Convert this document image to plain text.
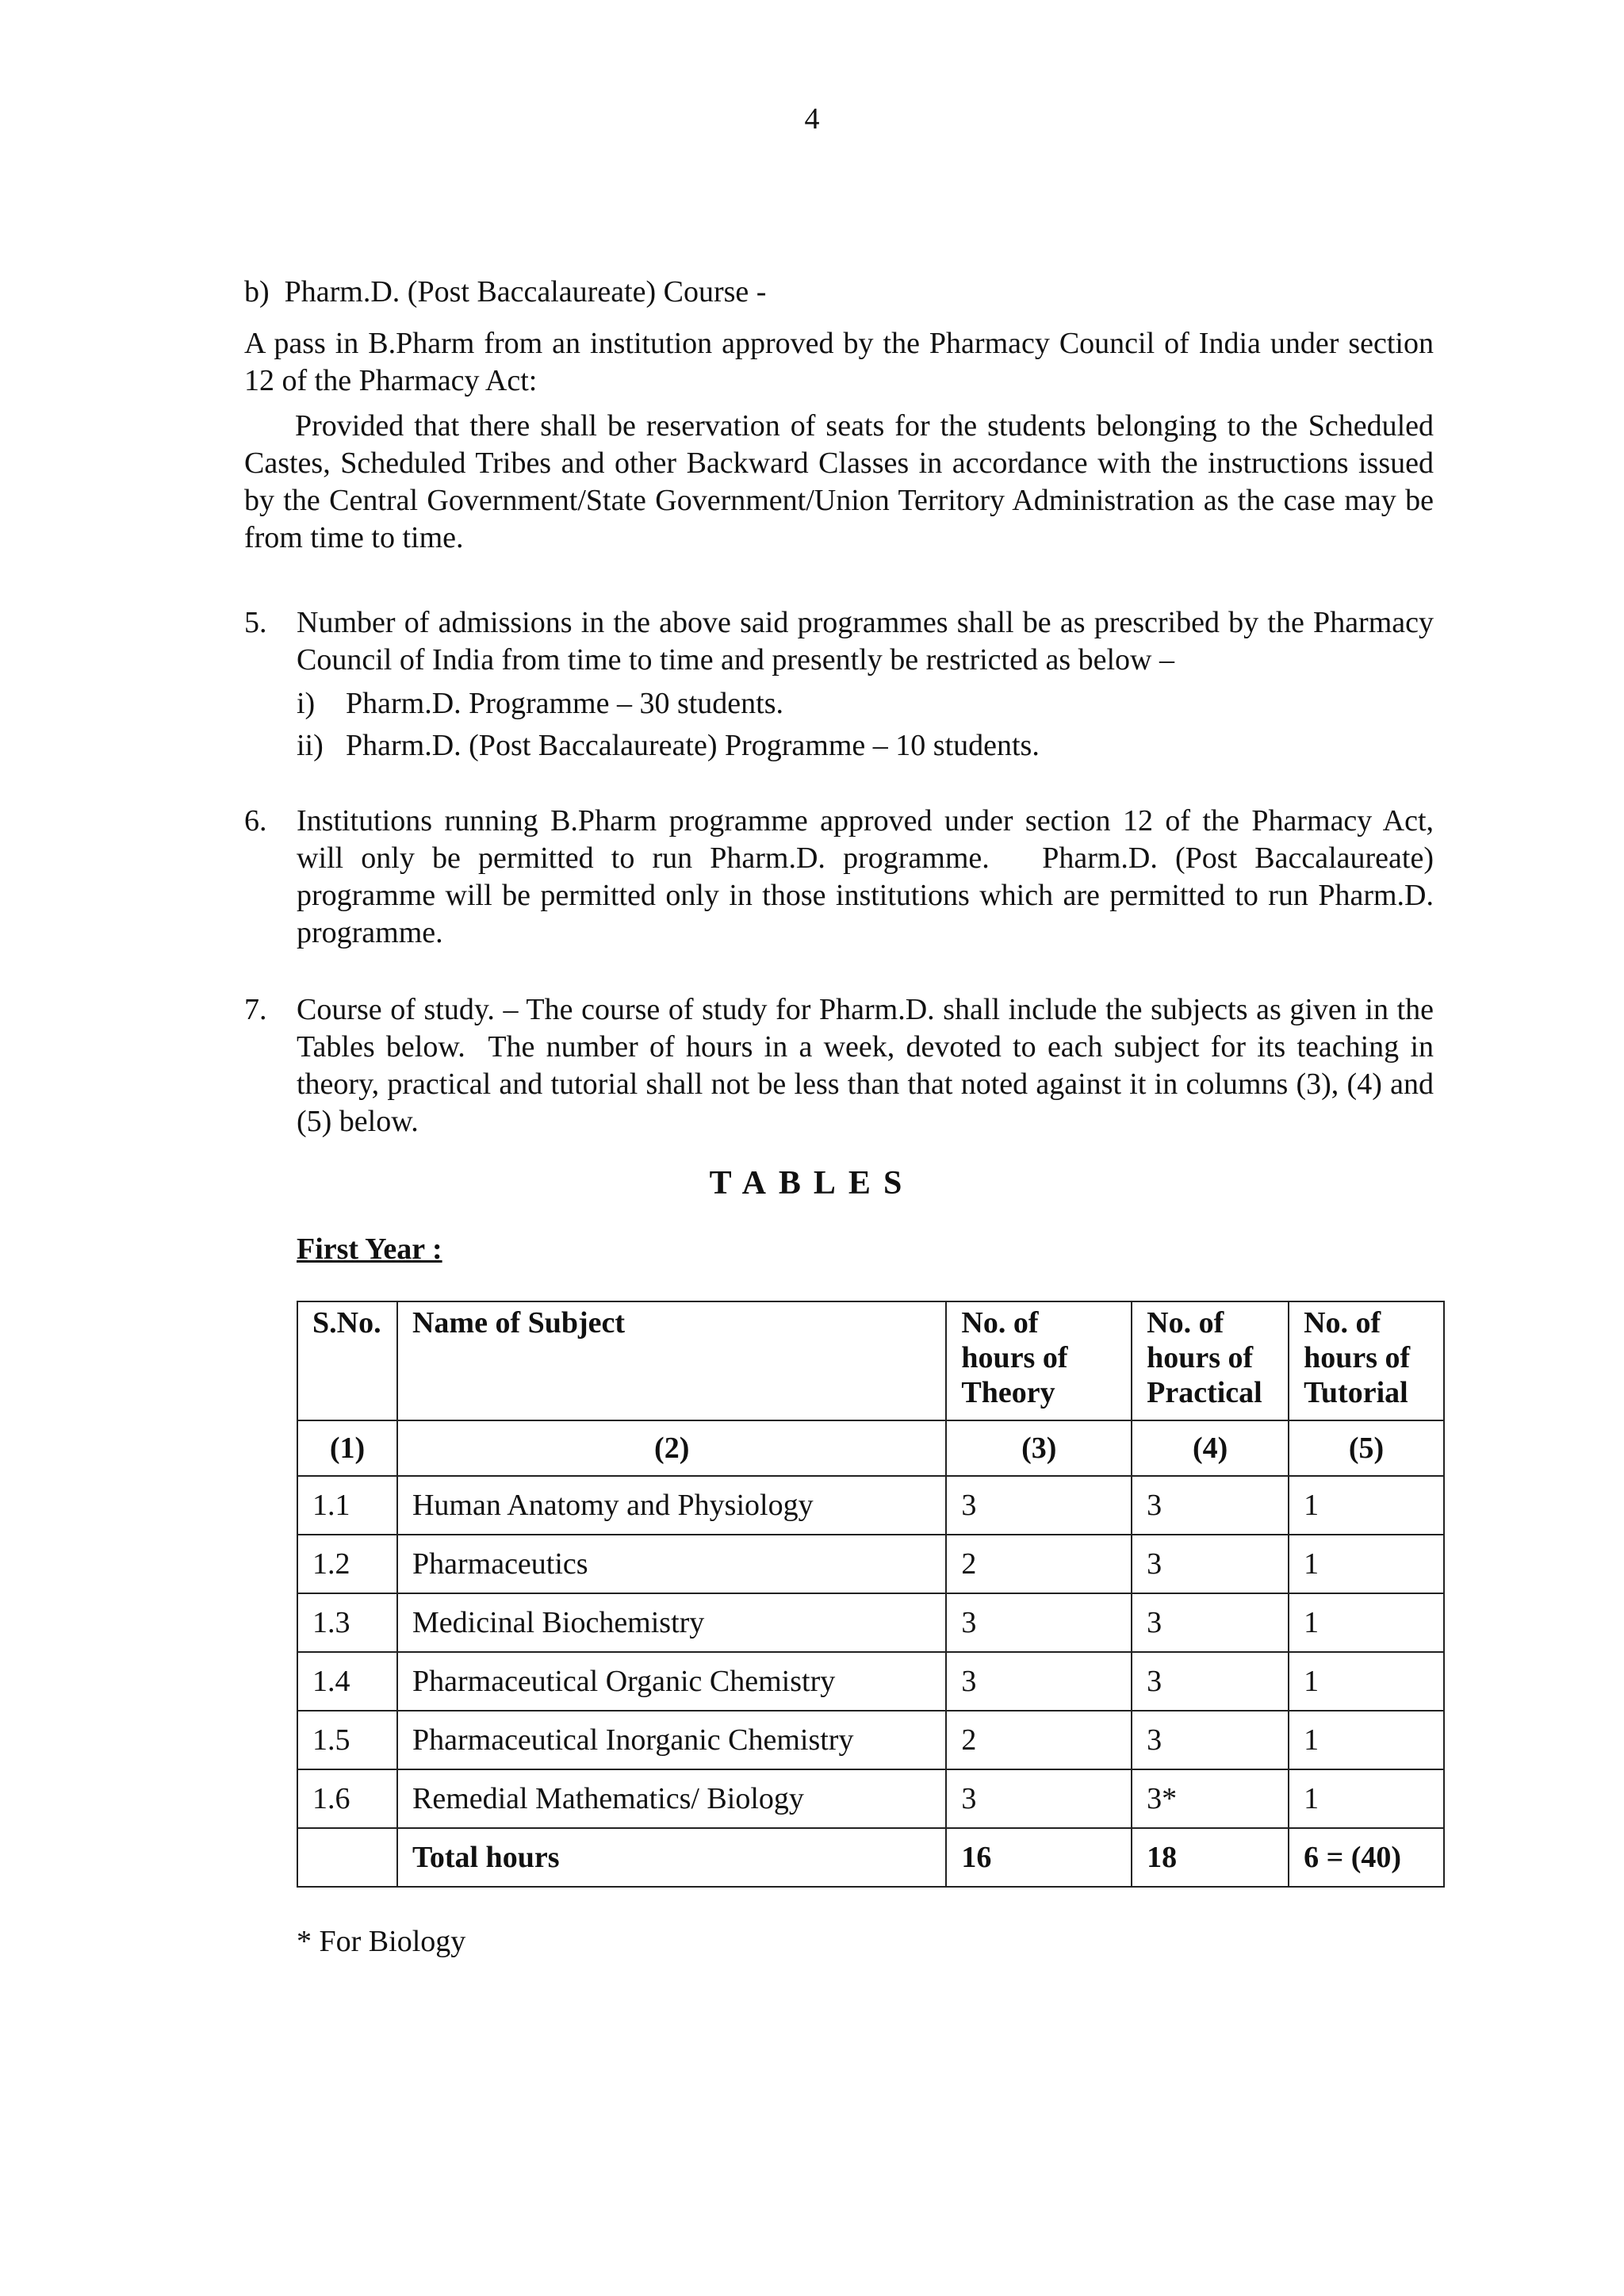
4

b)  Pharm.D. (Post Baccalaureate) Course -

A pass in B.Pharm from an institution approved by the Pharmacy Council of India under section 12 of the Pharmacy Act:

Provided that there shall be reservation of seats for the students belonging to the Scheduled Castes, Scheduled Tribes and other Backward Classes in accordance with the instructions issued by the Central Government/State Government/Union Territory Administration as the case may be from time to time.

5. Number of admissions in the above said programmes shall be as prescribed by the Pharmacy Council of India from time to time and presently be restricted as below –
i) Pharm.D. Programme – 30 students.
ii) Pharm.D. (Post Baccalaureate) Programme – 10 students.
6. Institutions running B.Pharm programme approved under section 12 of the Pharmacy Act, will only be permitted to run Pharm.D. programme.   Pharm.D. (Post Baccalaureate) programme will be permitted only in those institutions which are permitted to run Pharm.D. programme.
7. Course of study. – The course of study for Pharm.D. shall include the subjects as given in the Tables below.  The number of hours in a week, devoted to each subject for its teaching in theory, practical and tutorial shall not be less than that noted against it in columns (3), (4) and (5) below.
TABLES
First Year :
S.No.	Name of Subject	No. of hours of Theory	No. of hours of Practical	No. of hours of Tutorial
(1)	(2)	(3)	(4)	(5)
1.1	Human Anatomy and Physiology	3	3	1
1.2	Pharmaceutics	2	3	1
1.3	Medicinal Biochemistry	3	3	1
1.4	Pharmaceutical Organic Chemistry	3	3	1
1.5	Pharmaceutical Inorganic Chemistry	2	3	1
1.6	Remedial Mathematics/ Biology	3	3*	1
	Total hours	16	18	6 = (40)
* For Biology
